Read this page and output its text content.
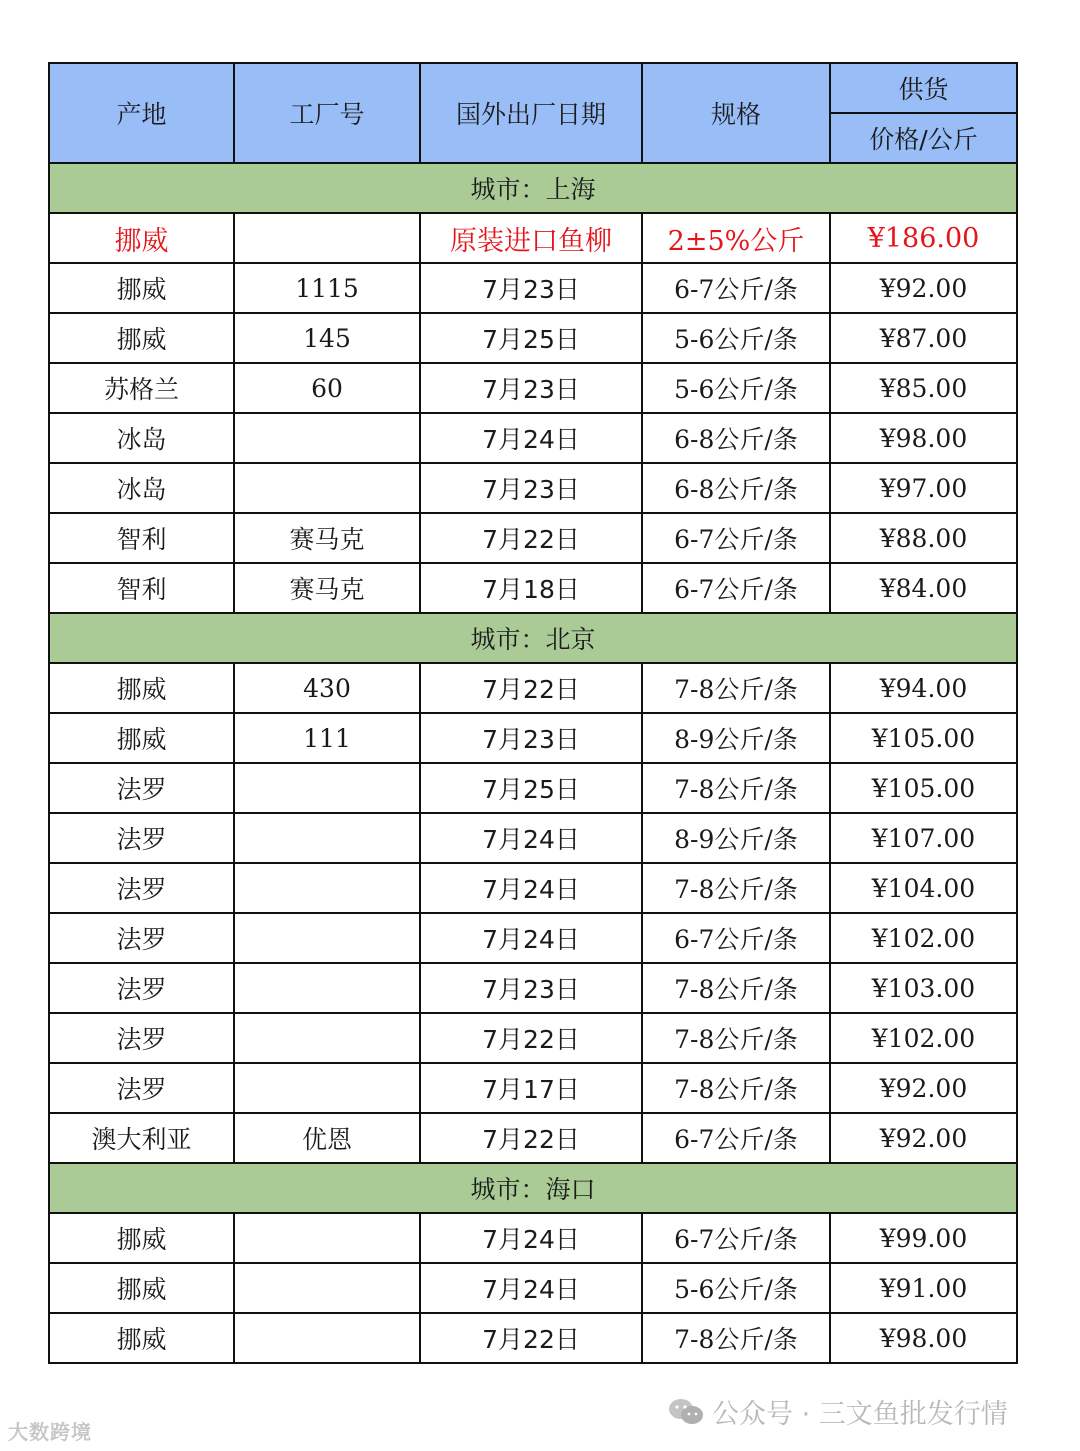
产地	工厂号	国外出厂日期	规格	供货
				价格/公斤
城市：上海				
挪威		原装进口鱼柳	2±5%公斤	¥186.00
挪威	1115	7月23日	6-7公斤/条	¥92.00
挪威	145	7月25日	5-6公斤/条	¥87.00
苏格兰	60	7月23日	5-6公斤/条	¥85.00
冰岛		7月24日	6-8公斤/条	¥98.00
冰岛		7月23日	6-8公斤/条	¥97.00
智利	赛马克	7月22日	6-7公斤/条	¥88.00
智利	赛马克	7月18日	6-7公斤/条	¥84.00
城市：北京				
挪威	430	7月22日	7-8公斤/条	¥94.00
挪威	111	7月23日	8-9公斤/条	¥105.00
法罗		7月25日	7-8公斤/条	¥105.00
法罗		7月24日	8-9公斤/条	¥107.00
法罗		7月24日	7-8公斤/条	¥104.00
法罗		7月24日	6-7公斤/条	¥102.00
法罗		7月23日	7-8公斤/条	¥103.00
法罗		7月22日	7-8公斤/条	¥102.00
法罗		7月17日	7-8公斤/条	¥92.00
澳大利亚	优恩	7月22日	6-7公斤/条	¥92.00
城市：海口				
挪威		7月24日	6-7公斤/条	¥99.00
挪威		7月24日	5-6公斤/条	¥91.00
挪威		7月22日	7-8公斤/条	¥98.00
大数跨境
公众号 · 三文鱼批发行情
